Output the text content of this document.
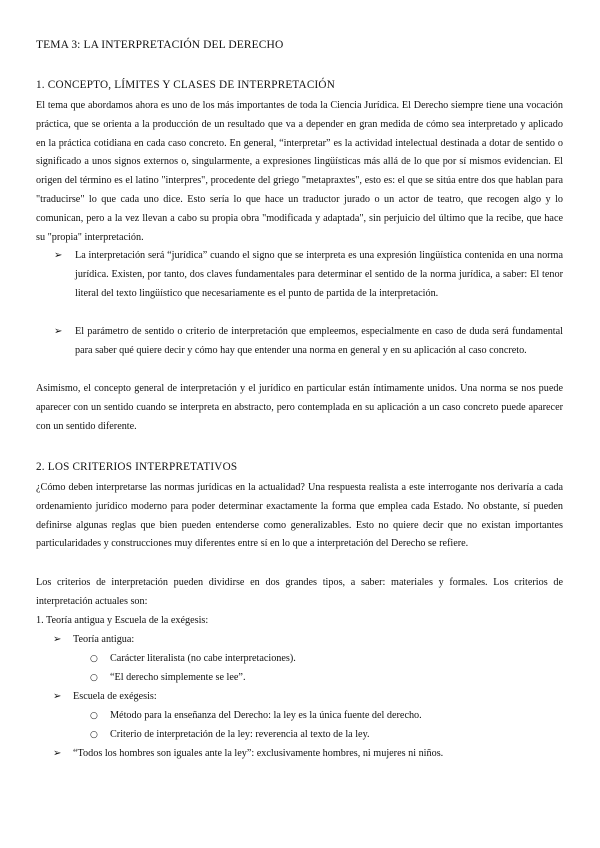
TEMA 3: LA INTERPRETACIÓN DEL DERECHO
1. CONCEPTO, LÍMITES Y CLASES DE INTERPRETACIÓN
El tema que abordamos ahora es uno de los más importantes de toda la Ciencia Jurídica. El Derecho siempre tiene una vocación práctica, que se orienta a la producción de un resultado que va a depender en gran medida de cómo sea interpretado y aplicado en la práctica cotidiana en cada caso concreto. En general, “interpretar” es la actividad intelectual destinada a dotar de sentido o significado a unos signos externos o, singularmente, a expresiones lingüísticas más allá de lo que por sí mismos evidencian. El origen del término es el latino "interpres", procedente del griego "metapraxtes", esto es: el que se sitúa entre dos que hablan para "traducirse" lo que cada uno dice. Esto sería lo que hace un traductor jurado o un actor de teatro, que recogen algo y lo comunican, pero a la vez llevan a cabo su propia obra "modificada y adaptada", sin perjuicio del último que la recibe, que hace su "propia" interpretación.
➢ La interpretación será “jurídica” cuando el signo que se interpreta es una expresión lingüística contenida en una norma jurídica. Existen, por tanto, dos claves fundamentales para determinar el sentido de la norma jurídica, a saber: El tenor literal del texto lingüístico que necesariamente es el punto de partida de la interpretación.
➢ El parámetro de sentido o criterio de interpretación que empleemos, especialmente en caso de duda será fundamental para saber qué quiere decir y cómo hay que entender una norma en general y en su aplicación al caso concreto.
Asimismo, el concepto general de interpretación y el jurídico en particular están íntimamente unidos. Una norma se nos puede aparecer con un sentido cuando se interpreta en abstracto, pero contemplada en su aplicación a un caso concreto puede aparecer con un sentido diferente.
2. LOS CRITERIOS INTERPRETATIVOS
¿Cómo deben interpretarse las normas jurídicas en la actualidad? Una respuesta realista a este interrogante nos derivaría a cada ordenamiento jurídico moderno para poder determinar exactamente la forma que emplea cada Estado. No obstante, sí pueden definirse algunas reglas que bien pueden entenderse como generalizables. Esto no quiere decir que no existan importantes particularidades y construcciones muy diferentes entre sí en lo que a interpretación del Derecho se refiere.
Los criterios de interpretación pueden dividirse en dos grandes tipos, a saber: materiales y formales. Los criterios de interpretación actuales son:
1. Teoría antigua y Escuela de la exégesis:
➢ Teoría antigua:
○ Carácter literalista (no cabe interpretaciones).
○ “El derecho simplemente se lee”.
➢ Escuela de exégesis:
○ Método para la enseñanza del Derecho: la ley es la única fuente del derecho.
○ Criterio de interpretación de la ley: reverencia al texto de la ley.
➢ “Todos los hombres son iguales ante la ley”: exclusivamente hombres, ni mujeres ni niños.
